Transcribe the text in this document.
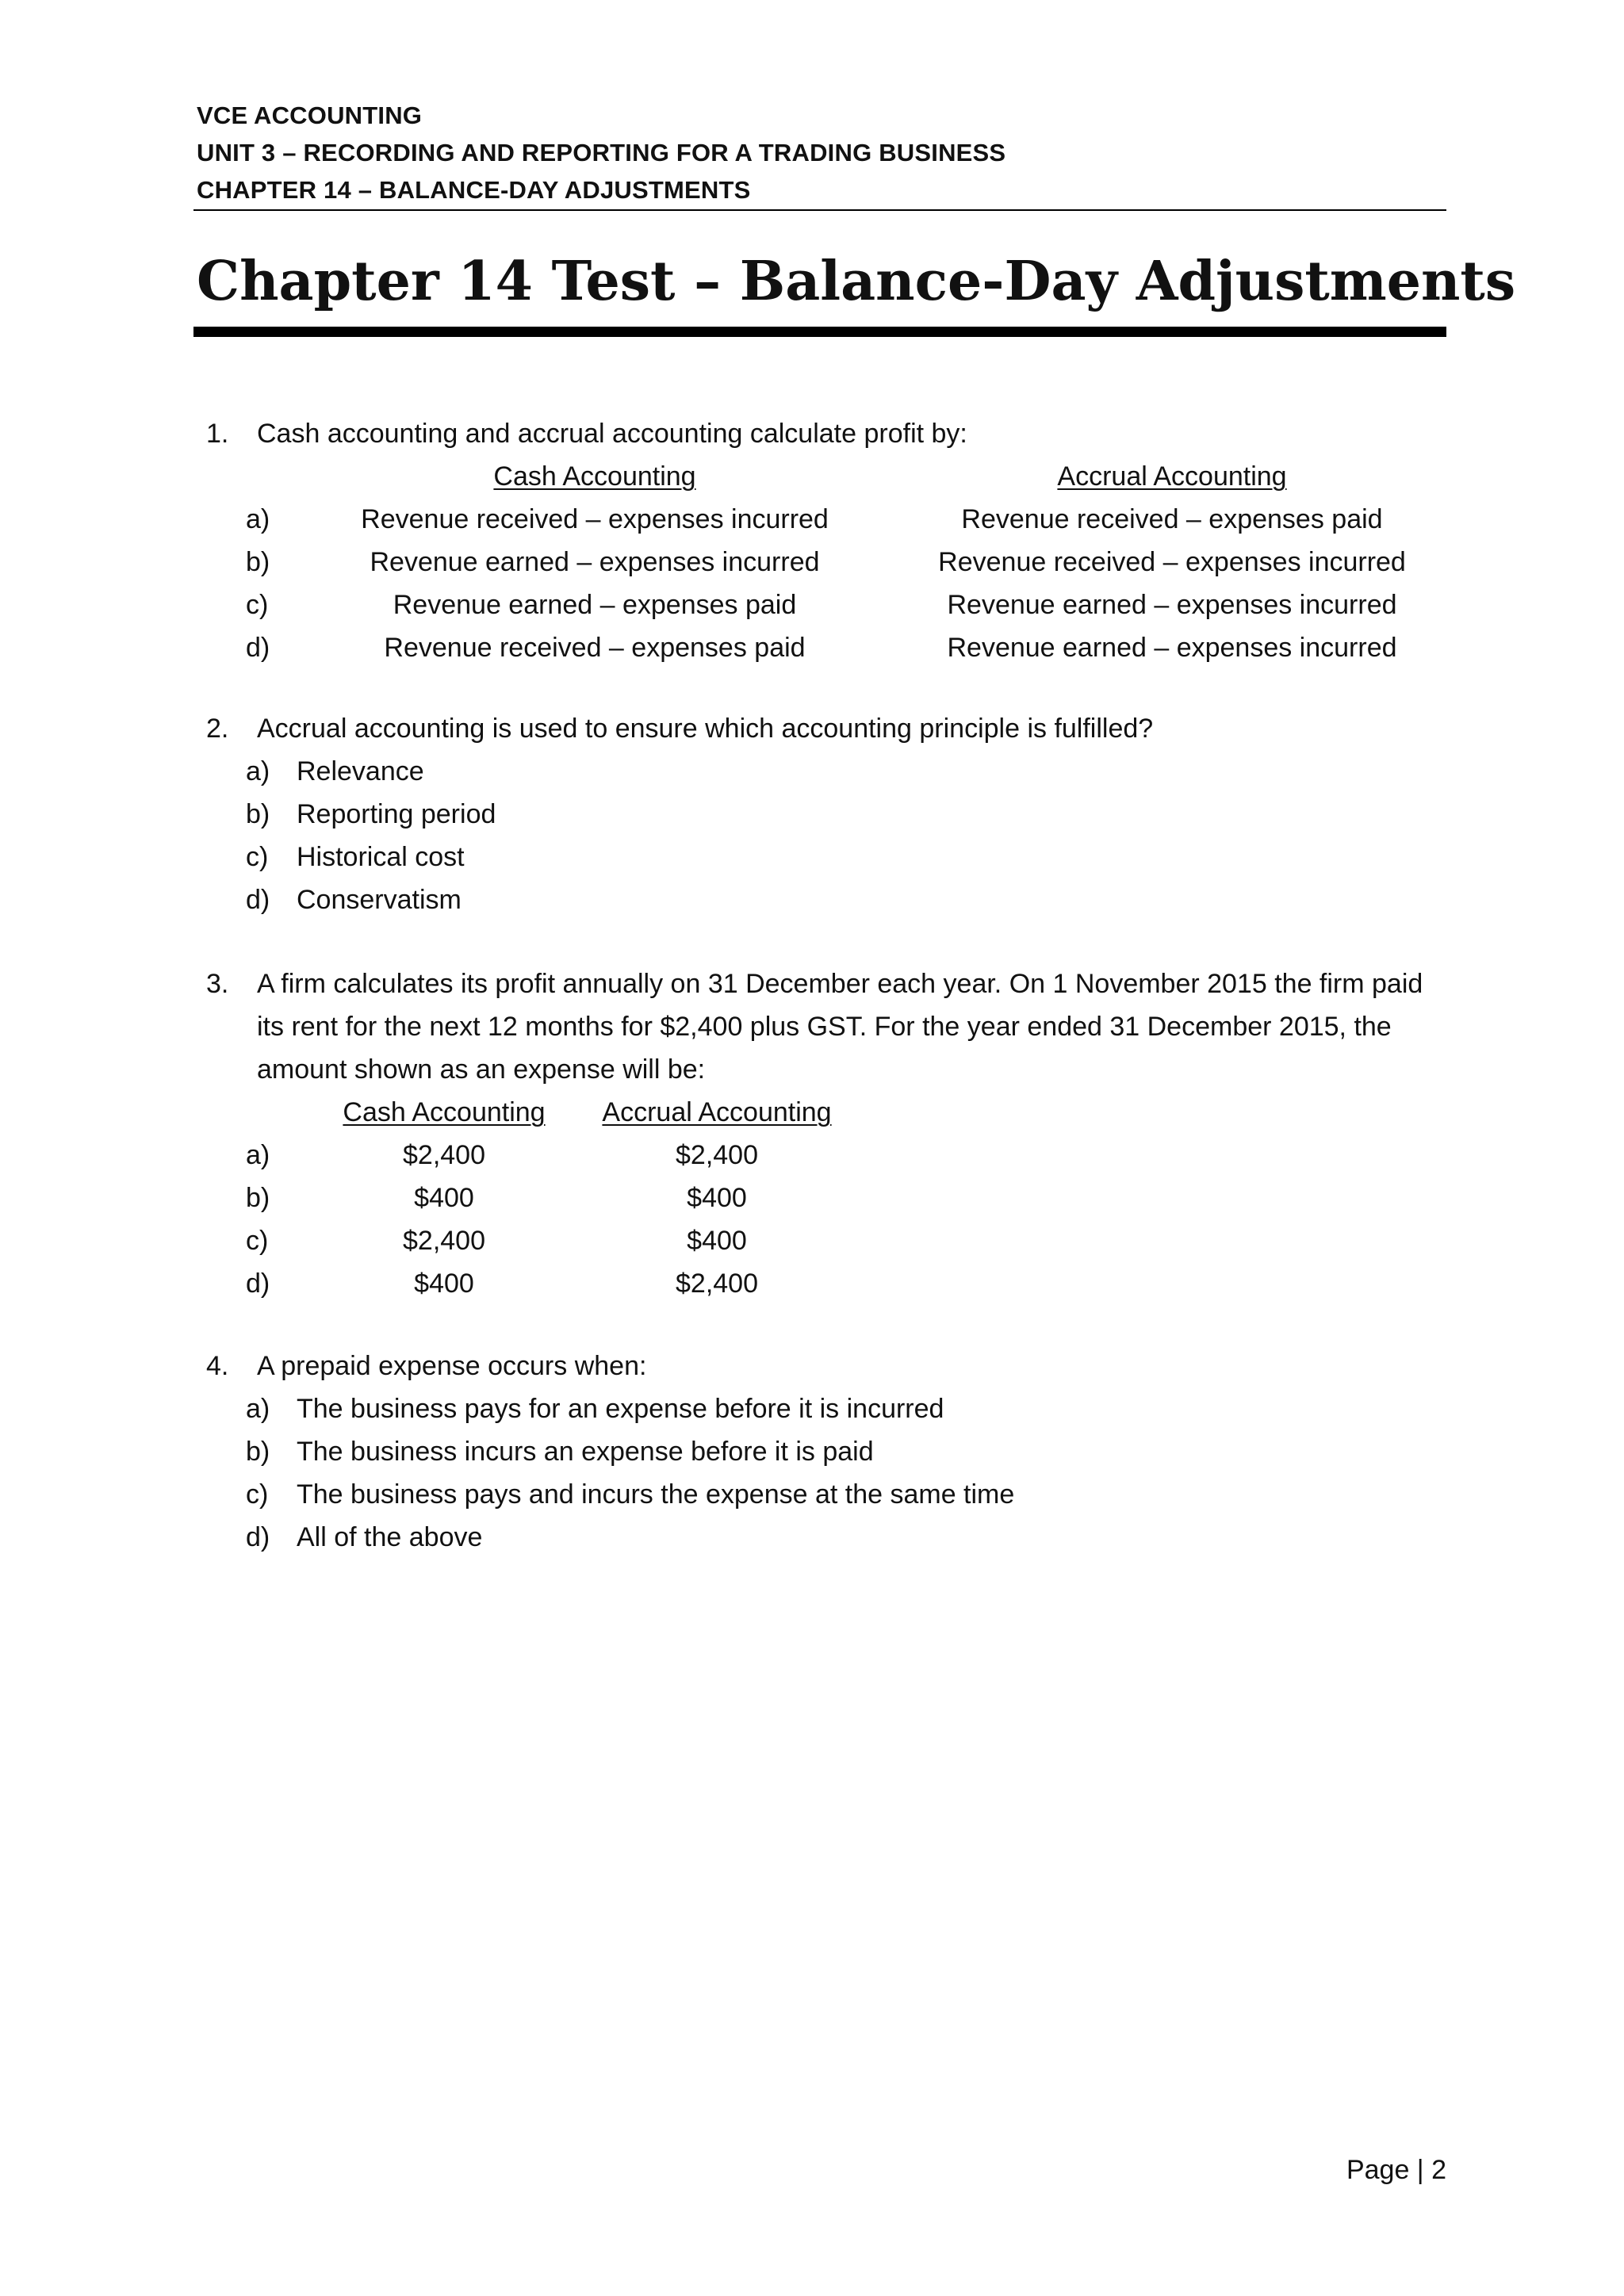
VCE ACCOUNTING
UNIT 3 – RECORDING AND REPORTING FOR A TRADING BUSINESS
CHAPTER 14 – BALANCE-DAY ADJUSTMENTS
Chapter 14 Test – Balance-Day Adjustments
1. Cash accounting and accrual accounting calculate profit by:
Cash Accounting	Accrual Accounting
a)	Revenue received – expenses incurred	Revenue received – expenses paid
b)	Revenue earned – expenses incurred	Revenue received – expenses incurred
c)	Revenue earned – expenses paid	Revenue earned – expenses incurred
d)	Revenue received – expenses paid	Revenue earned – expenses incurred
2. Accrual accounting is used to ensure which accounting principle is fulfilled?
a) Relevance
b) Reporting period
c) Historical cost
d) Conservatism
3. A firm calculates its profit annually on 31 December each year. On 1 November 2015 the firm paid its rent for the next 12 months for $2,400 plus GST. For the year ended 31 December 2015, the amount shown as an expense will be:
Cash Accounting Accrual Accounting
a)	$2,400	$2,400
b)	$400	$400
c)	$2,400	$400
d)	$400	$2,400
4. A prepaid expense occurs when:
a) The business pays for an expense before it is incurred
b) The business incurs an expense before it is paid
c) The business pays and incurs the expense at the same time
d) All of the above
Page | 2
